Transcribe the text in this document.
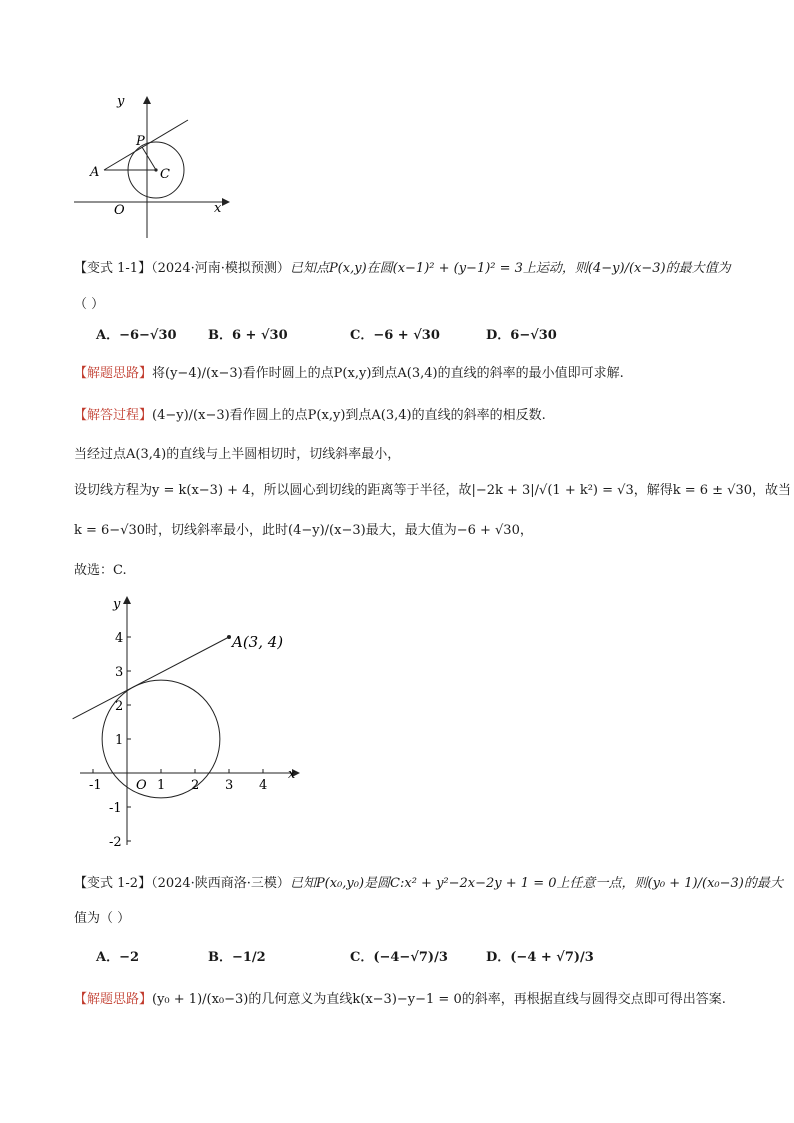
y
P
A	C
O	x
【变式 1-1】（2024·河南·模拟预测）已知点P(x,y)在圆(x−1)² + (y−1)² = 3上运动，则(4−y)/(x−3)的最大值为
（ ）
A．−6−√30 B．6 + √30	C．−6 + √30	D．6−√30
【解题思路】将(y−4)/(x−3)看作时圆上的点P(x,y)到点A(3,4)的直线的斜率的最小值即可求解.
【解答过程】(4−y)/(x−3)看作圆上的点P(x,y)到点A(3,4)的直线的斜率的相反数.
当经过点A(3,4)的直线与上半圆相切时，切线斜率最小，
设切线方程为y = k(x−3) + 4，所以圆心到切线的距离等于半径，故|−2k + 3|/√(1 + k²) = √3，解得k = 6 ± √30，故当
k = 6−√30时，切线斜率最小，此时(4−y)/(x−3)最大，最大值为−6 + √30，
故选：C.
-1	1 2 3 4
4
3
2
1
-1
-2
O
x
y
A(3, 4)
【变式 1-2】（2024·陕西商洛·三模）已知P(x₀,y₀)是圆C:x² + y²−2x−2y + 1 = 0上任意一点，则(y₀ + 1)/(x₀−3)的最大
值为（ ）
A．−2	B．−1/2	C．(−4−√7)/3	D．(−4 + √7)/3
【解题思路】(y₀ + 1)/(x₀−3)的几何意义为直线k(x−3)−y−1 = 0的斜率，再根据直线与圆得交点即可得出答案.
